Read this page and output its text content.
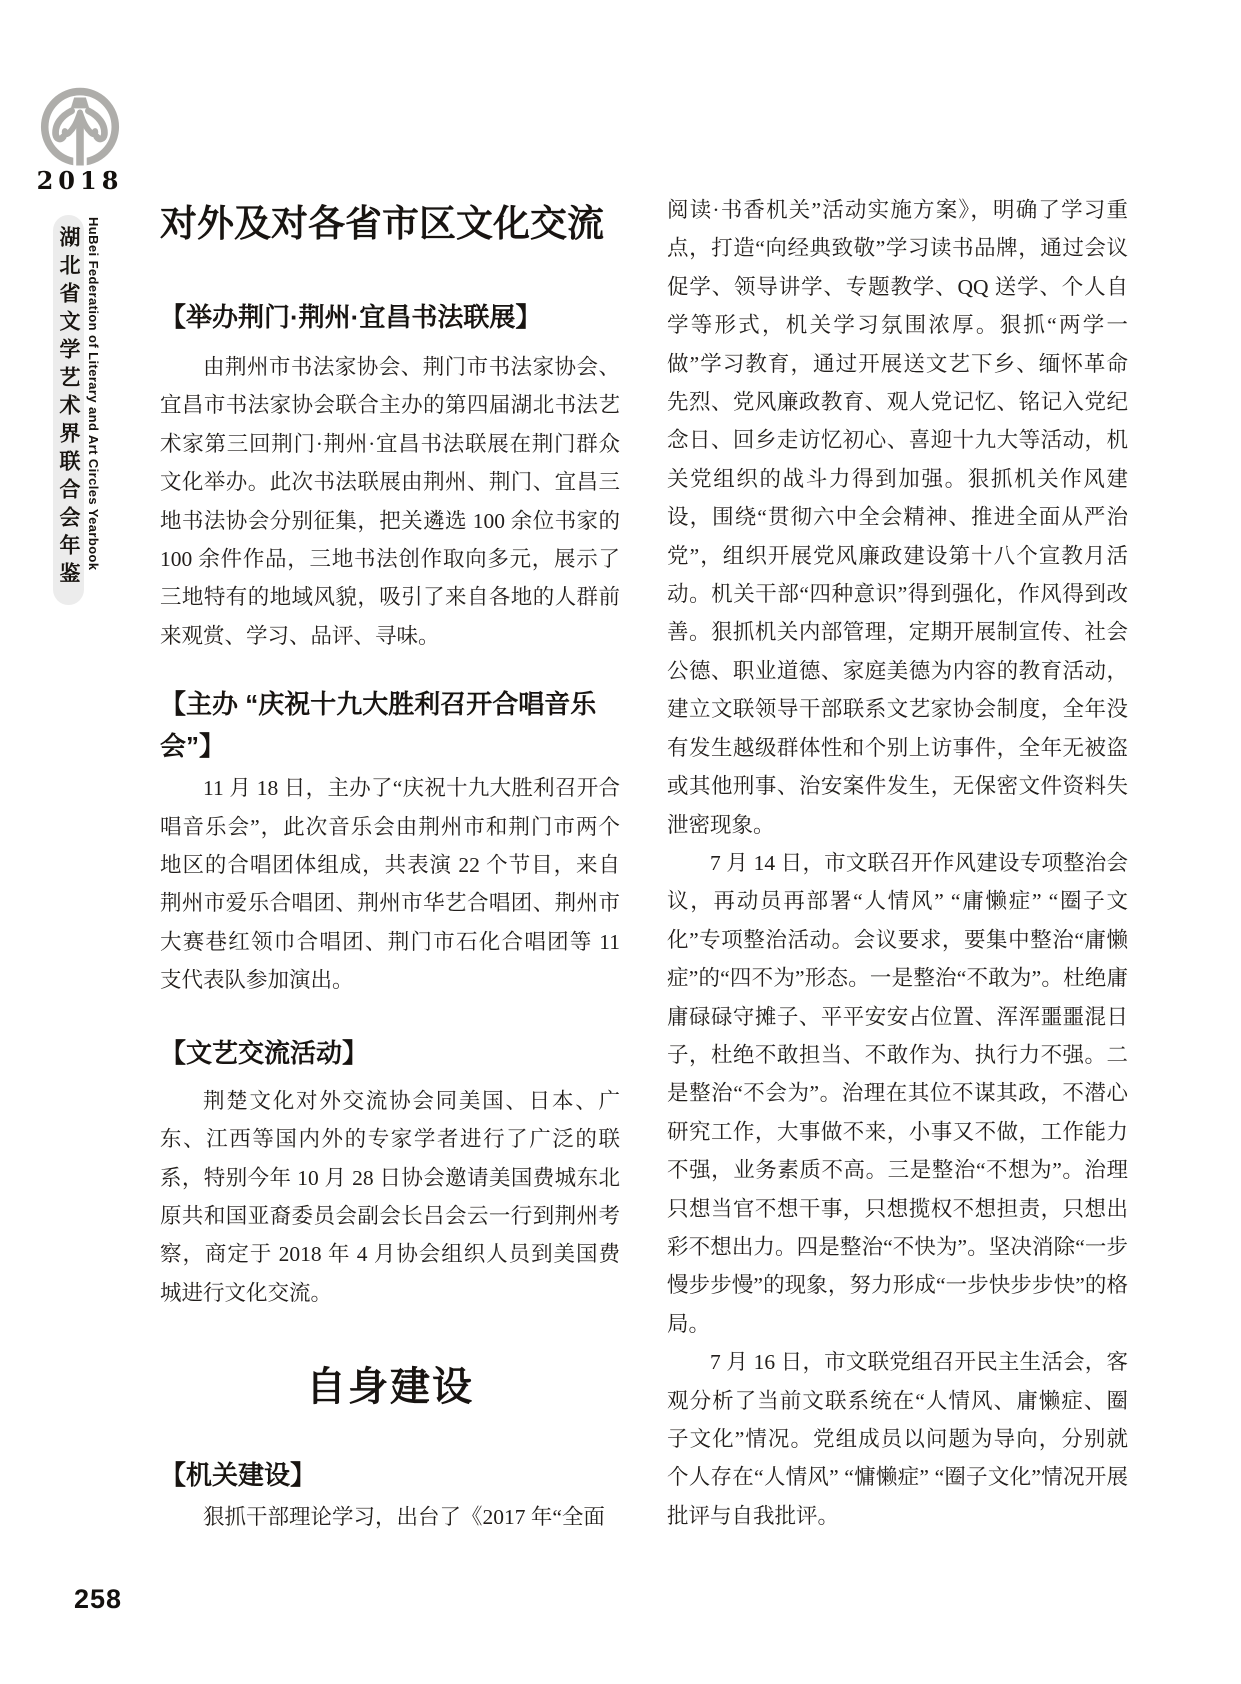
2018
湖北省文学艺术界联合会年鉴 HuBei Federation of Literary and Art Circles Yearbook
258
对外及对各省市区文化交流
【举办荆门·荆州·宜昌书法联展】

由荆州市书法家协会、荆门市书法家协会、宜昌市书法家协会联合主办的第四届湖北书法艺术家第三回荆门·荆州·宜昌书法联展在荆门群众文化举办。此次书法联展由荆州、荆门、宜昌三地书法协会分别征集，把关遴选 100 余位书家的 100 余件作品，三地书法创作取向多元，展示了三地特有的地域风貌，吸引了来自各地的人群前来观赏、学习、品评、寻味。

【主办 “庆祝十九大胜利召开合唱音乐会”】

11 月 18 日，主办了“庆祝十九大胜利召开合唱音乐会”，此次音乐会由荆州市和荆门市两个地区的合唱团体组成，共表演 22 个节目，来自荆州市爱乐合唱团、荆州市华艺合唱团、荆州市大赛巷红领巾合唱团、荆门市石化合唱团等 11 支代表队参加演出。

【文艺交流活动】

荆楚文化对外交流协会同美国、日本、广东、江西等国内外的专家学者进行了广泛的联系，特别今年 10 月 28 日协会邀请美国费城东北原共和国亚裔委员会副会长吕会云一行到荆州考察，商定于 2018 年 4 月协会组织人员到美国费城进行文化交流。

自身建设
【机关建设】

狠抓干部理论学习，出台了《2017 年“全面

阅读·书香机关”活动实施方案》，明确了学习重点，打造“向经典致敬”学习读书品牌，通过会议促学、领导讲学、专题教学、QQ 送学、个人自学等形式，机关学习氛围浓厚。狠抓“两学一做”学习教育，通过开展送文艺下乡、缅怀革命先烈、党风廉政教育、观人党记忆、铭记入党纪念日、回乡走访忆初心、喜迎十九大等活动，机关党组织的战斗力得到加强。狠抓机关作风建设，围绕“贯彻六中全会精神、推进全面从严治党”，组织开展党风廉政建设第十八个宣教月活动。机关干部“四种意识”得到强化，作风得到改善。狠抓机关内部管理，定期开展制宣传、社会公德、职业道德、家庭美德为内容的教育活动，建立文联领导干部联系文艺家协会制度，全年没有发生越级群体性和个别上访事件，全年无被盗或其他刑事、治安案件发生，无保密文件资料失泄密现象。

7 月 14 日，市文联召开作风建设专项整治会议，再动员再部署“人情风” “庸懒症” “圈子文化”专项整治活动。会议要求，要集中整治“庸懒症”的“四不为”形态。一是整治“不敢为”。杜绝庸庸碌碌守摊子、平平安安占位置、浑浑噩噩混日子，杜绝不敢担当、不敢作为、执行力不强。二是整治“不会为”。治理在其位不谋其政，不潜心研究工作，大事做不来，小事又不做，工作能力不强，业务素质不高。三是整治“不想为”。治理只想当官不想干事，只想揽权不想担责，只想出彩不想出力。四是整治“不快为”。坚决消除“一步慢步步慢”的现象，努力形成“一步快步步快”的格局。

7 月 16 日，市文联党组召开民主生活会，客观分析了当前文联系统在“人情风、庸懒症、圈子文化”情况。党组成员以问题为导向，分别就个人存在“人情风” “慵懒症” “圈子文化”情况开展批评与自我批评。
